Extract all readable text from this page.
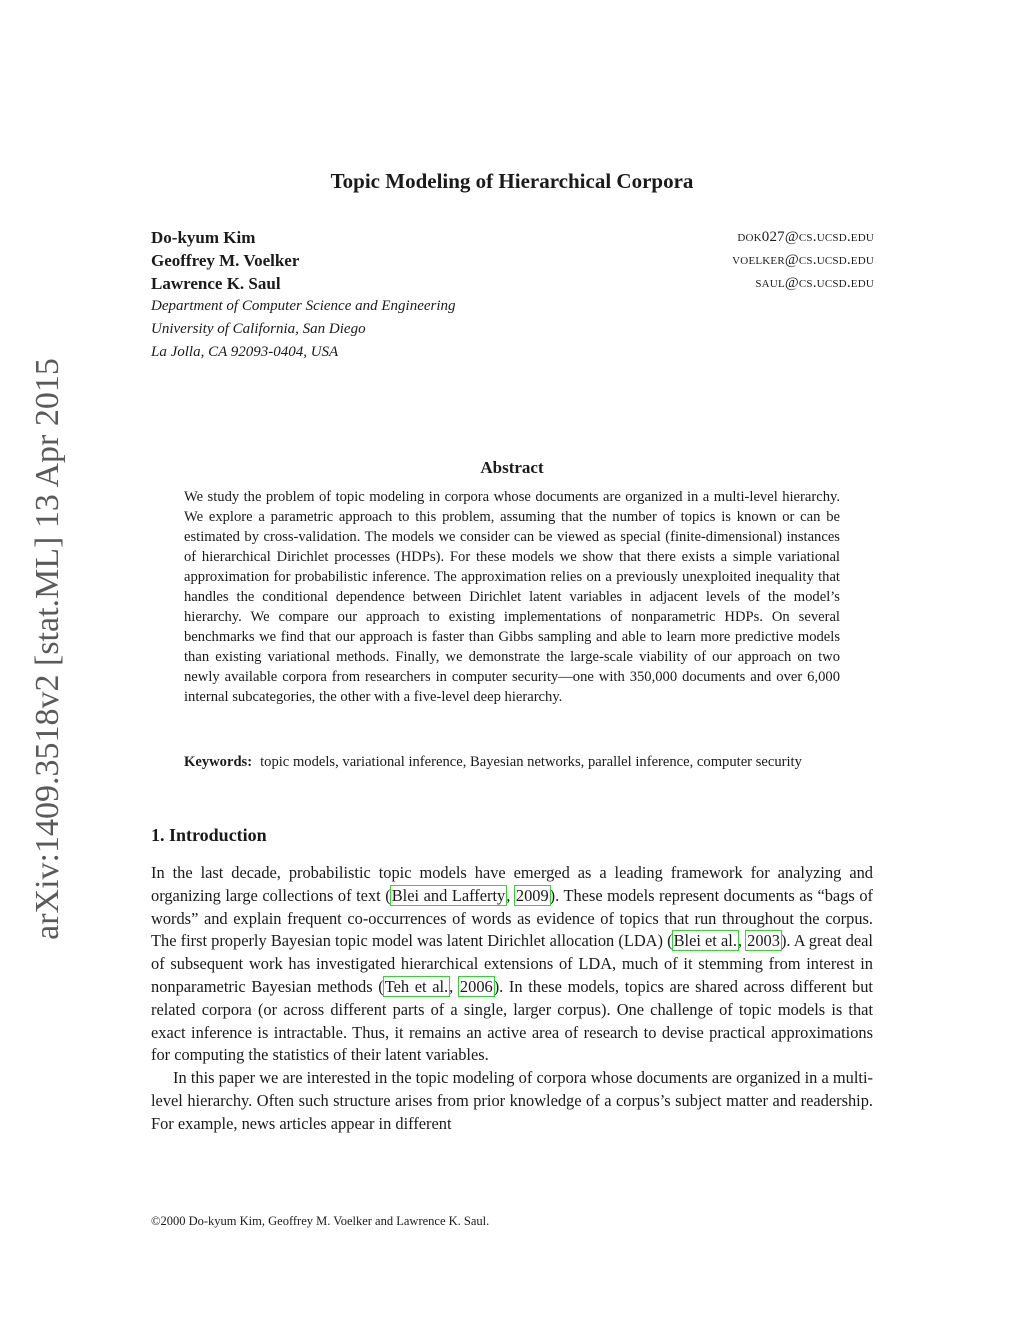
arXiv:1409.3518v2 [stat.ML] 13 Apr 2015
Topic Modeling of Hierarchical Corpora
Do-kyum Kim	dok027@cs.ucsd.edu
Geoffrey M. Voelker	voelker@cs.ucsd.edu
Lawrence K. Saul	saul@cs.ucsd.edu

Department of Computer Science and Engineering

University of California, San Diego

La Jolla, CA 92093-0404, USA

Abstract

We study the problem of topic modeling in corpora whose documents are organized in a multi-level hierarchy. We explore a parametric approach to this problem, assuming that the number of topics is known or can be estimated by cross-validation. The models we consider can be viewed as special (finite-dimensional) instances of hierarchical Dirichlet processes (HDPs). For these models we show that there exists a simple variational approximation for probabilistic inference. The approximation relies on a previously unexploited inequality that handles the conditional dependence between Dirichlet latent variables in adjacent levels of the model’s hierarchy. We compare our approach to existing implementations of nonparametric HDPs. On several benchmarks we find that our approach is faster than Gibbs sampling and able to learn more predictive models than existing variational methods. Finally, we demonstrate the large-scale viability of our approach on two newly available corpora from researchers in computer security—one with 350,000 documents and over 6,000 internal subcategories, the other with a five-level deep hierarchy.

Keywords: topic models, variational inference, Bayesian networks, parallel inference, computer security

1. Introduction

In the last decade, probabilistic topic models have emerged as a leading framework for analyzing and organizing large collections of text (Blei and Lafferty, 2009). These models represent documents as “bags of words” and explain frequent co-occurrences of words as evidence of topics that run throughout the corpus. The first properly Bayesian topic model was latent Dirichlet allocation (LDA) (Blei et al., 2003). A great deal of subsequent work has investigated hierarchical extensions of LDA, much of it stemming from interest in nonparametric Bayesian methods (Teh et al., 2006). In these models, topics are shared across different but related corpora (or across different parts of a single, larger corpus). One challenge of topic models is that exact inference is intractable. Thus, it remains an active area of research to devise practical approximations for computing the statistics of their latent variables.

In this paper we are interested in the topic modeling of corpora whose documents are organized in a multi-level hierarchy. Often such structure arises from prior knowledge of a corpus’s subject matter and readership. For example, news articles appear in different

©2000 Do-kyum Kim, Geoffrey M. Voelker and Lawrence K. Saul.
